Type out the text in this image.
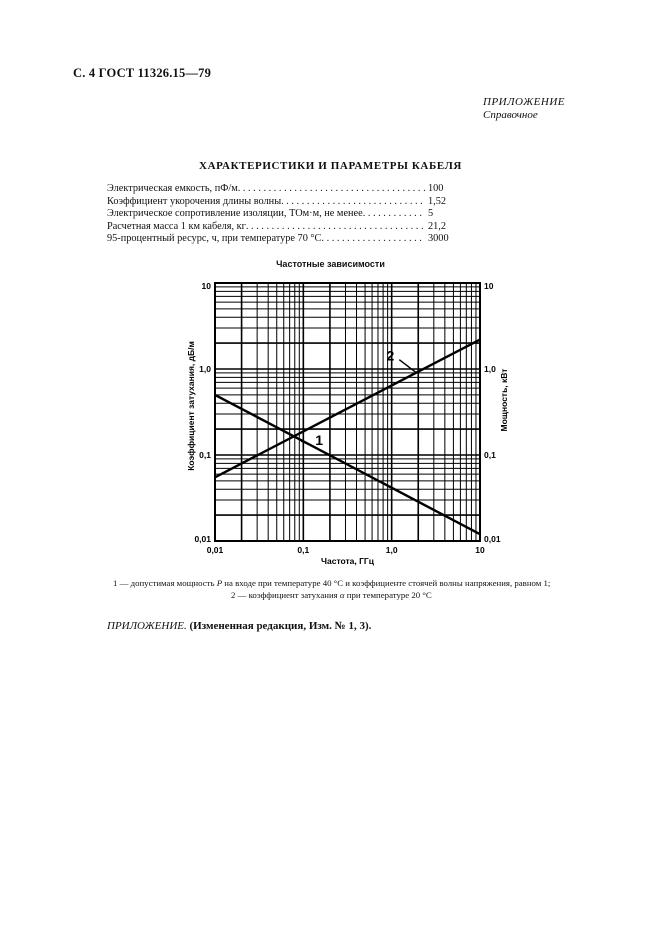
С. 4 ГОСТ 11326.15—79
ПРИЛОЖЕНИЕ
Справочное
ХАРАКТЕРИСТИКИ И ПАРАМЕТРЫ КАБЕЛЯ
Электрическая емкость, пФ/м . . .	100
Коэффициент укорочения длины волны . . .	1,52
Электрическое сопротивление изоляции, ТОм·м, не менее . . .	5
Расчетная масса 1 км кабеля, кг . . .	21,2
95-процентный ресурс, ч, при температуре 70 °С . . .	3000
Частотные зависимости
2
1
0,01
0,01	0,01
0,1
0,1	0,1
1,0
1,0	1,0
10
10	10
Частота, ГГц
Коэффициент затухания, дБ/м	Мощность, кВт
1 — допустимая мощность P на входе при температуре 40 °С и коэффициенте стоячей волны напряжения, равном 1;
2 — коэффициент затухания α при температуре 20 °С
ПРИЛОЖЕНИЕ. (Измененная редакция, Изм. № 1, 3).
